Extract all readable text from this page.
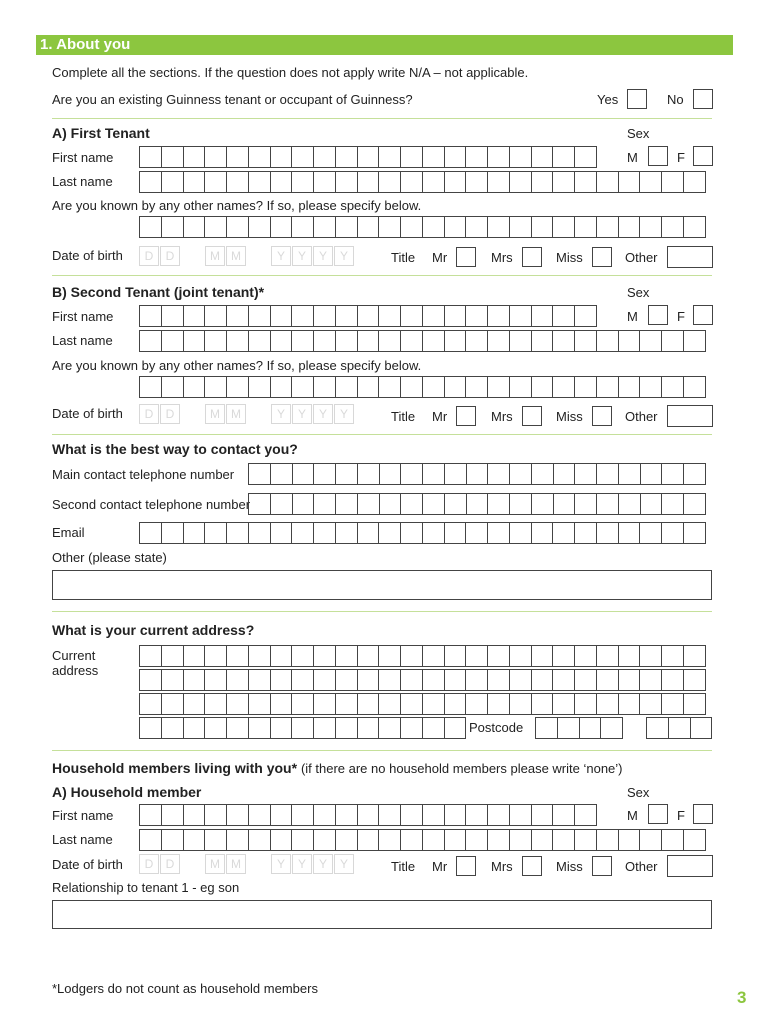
1. About you
Complete all the sections. If the question does not apply write N/A – not applicable.
Are you an existing Guinness tenant or occupant of Guinness?	Yes	No
A) First Tenant	Sex
First name	M	F
Last name
Are you known by any other names? If so, please specify below.
Date of birth	D	D	M M	Y	Y	Y	Y	Title Mr	Mrs	Miss	Other
B) Second Tenant (joint tenant)*	Sex
First name	M	F
Last name
Are you known by any other names? If so, please specify below.
Date of birth	D	D	M M	Y	Y	Y	Y	Title Mr	Mrs	Miss	Other
What is the best way to contact you?
Main contact telephone number
Second contact telephone number
Email
Other (please state)
What is your current address?
Current
address
Postcode
Household members living with you* (if there are no household members please write ‘none’)
A) Household member	Sex
First name	M	F
Last name
Date of birth	D	D	M M	Y	Y	Y	Y	Title Mr	Mrs	Miss	Other
Relationship to tenant 1 - eg son
*Lodgers do not count as household members	3
